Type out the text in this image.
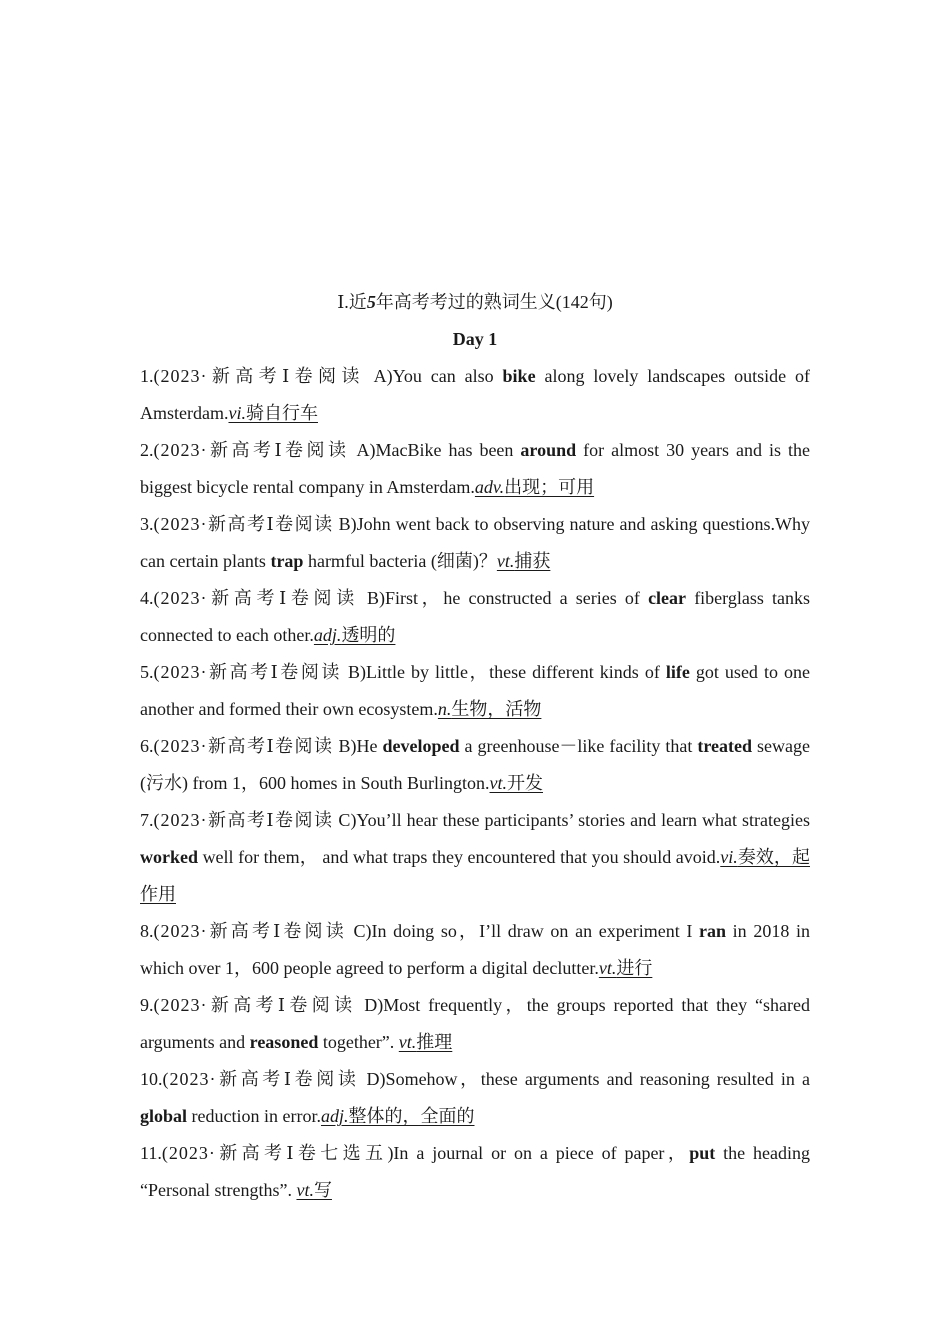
Ⅰ.近5年高考考过的熟词生义(142句)
Day 1

1.(2023·新高考Ⅰ卷阅读 A)You can also bike along lovely landscapes outside of Amsterdam.vi.骑自行车

2.(2023·新高考Ⅰ卷阅读 A)MacBike has been around for almost 30 years and is the biggest bicycle rental company in Amsterdam.adv.出现；可用

3.(2023·新高考Ⅰ卷阅读 B)John went back to observing nature and asking questions.Why can certain plants trap harmful bacteria (细菌)？vt.捕获

4.(2023·新高考Ⅰ卷阅读 B)First，he constructed a series of clear fiberglass tanks connected to each other.adj.透明的

5.(2023·新高考Ⅰ卷阅读 B)Little by little，these different kinds of life got used to one another and formed their own ecosystem.n.生物，活物

6.(2023·新高考Ⅰ卷阅读 B)He developed a greenhouse－like facility that treated sewage (污水) from 1，600 homes in South Burlington.vt.开发

7.(2023·新高考Ⅰ卷阅读 C)You’ll hear these participants’ stories and learn what strategies worked well for them， and what traps they encountered that you should avoid.vi.奏效，起作用

8.(2023·新高考Ⅰ卷阅读 C)In doing so，I’ll draw on an experiment I ran in 2018 in which over 1，600 people agreed to perform a digital declutter.vt.进行

9.(2023·新高考Ⅰ卷阅读 D)Most frequently，the groups reported that they “shared arguments and reasoned together”. vt.推理

10.(2023·新高考Ⅰ卷阅读 D)Somehow，these arguments and reasoning resulted in a global reduction in error.adj.整体的，全面的

11.(2023·新高考Ⅰ卷七选五)In a journal or on a piece of paper，put the heading “Personal strengths”. vt.写
